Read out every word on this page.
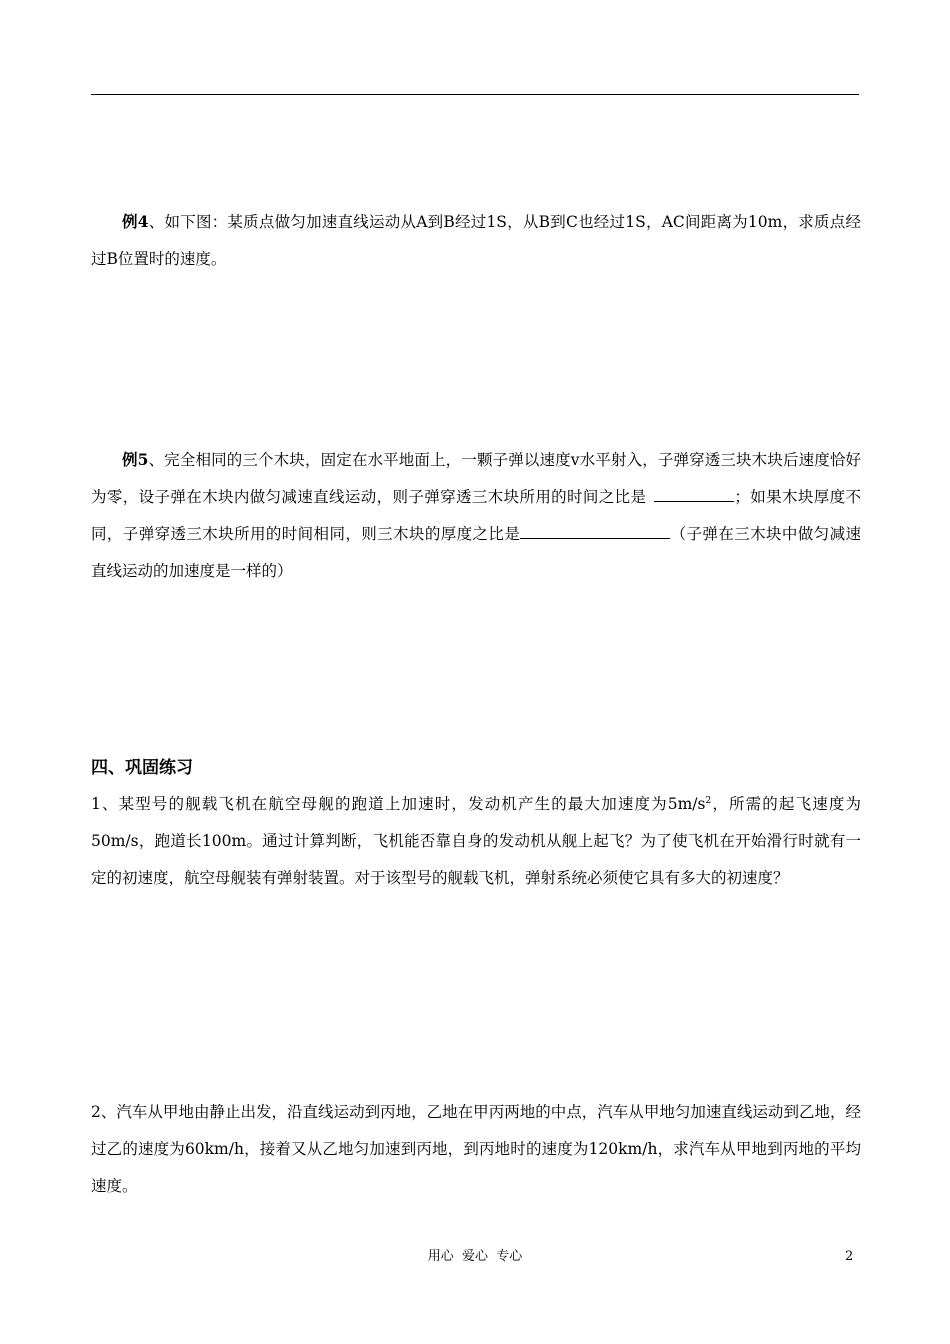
例4、如下图：某质点做匀加速直线运动从A到B经过1S，从B到C也经过1S，AC间距离为10m，求质点经过B位置时的速度。
例5、完全相同的三个木块，固定在水平地面上，一颗子弹以速度v水平射入，子弹穿透三块木块后速度恰好为零，设子弹在木块内做匀减速直线运动，则子弹穿透三木块所用的时间之比是	；如果木块厚度不同，子弹穿透三木块所用的时间相同，则三木块的厚度之比是	（子弹在三木块中做匀减速直线运动的加速度是一样的）
四、巩固练习
1、某型号的舰载飞机在航空母舰的跑道上加速时，发动机产生的最大加速度为$5m/s^2$，所需的起飞速度为50m/s，跑道长100m。通过计算判断，飞机能否靠自身的发动机从舰上起飞？为了使飞机在开始滑行时就有一定的初速度，航空母舰装有弹射装置。对于该型号的舰载飞机，弹射系统必须使它具有多大的初速度？
2、汽车从甲地由静止出发，沿直线运动到丙地，乙地在甲丙两地的中点，汽车从甲地匀加速直线运动到乙地，经过乙的速度为60km/h，接着又从乙地匀加速到丙地，到丙地时的速度为120km/h，求汽车从甲地到丙地的平均速度。
用心  爱心  专心	2
